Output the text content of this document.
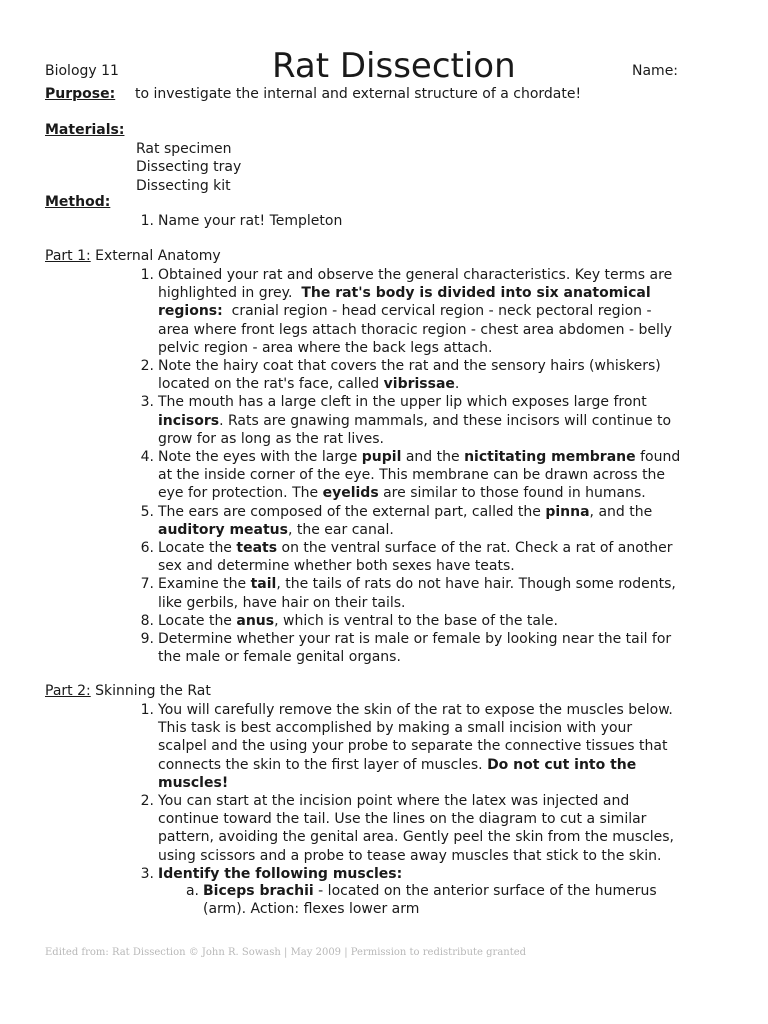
Biology 11	Rat Dissection	Name:
Purpose: to investigate the internal and external structure of a chordate!
Materials:
Rat specimen
Dissecting tray
Dissecting kit
Method:
1. Name your rat! Templeton
Part 1: External Anatomy
1. Obtained your rat and observe the general characteristics. Key terms are
highlighted in grey.  The rat's body is divided into six anatomical
regions:  cranial region - head cervical region - neck pectoral region -
area where front legs attach thoracic region - chest area abdomen - belly
pelvic region - area where the back legs attach.
2. Note the hairy coat that covers the rat and the sensory hairs (whiskers)
located on the rat's face, called vibrissae.
3. The mouth has a large cleft in the upper lip which exposes large front
incisors. Rats are gnawing mammals, and these incisors will continue to
grow for as long as the rat lives.
4. Note the eyes with the large pupil and the nictitating membrane found
at the inside corner of the eye. This membrane can be drawn across the
eye for protection. The eyelids are similar to those found in humans.
5. The ears are composed of the external part, called the pinna, and the
auditory meatus, the ear canal.
6. Locate the teats on the ventral surface of the rat. Check a rat of another
sex and determine whether both sexes have teats.
7. Examine the tail, the tails of rats do not have hair. Though some rodents,
like gerbils, have hair on their tails.
8. Locate the anus, which is ventral to the base of the tale.
9. Determine whether your rat is male or female by looking near the tail for
the male or female genital organs.
Part 2: Skinning the Rat
1. You will carefully remove the skin of the rat to expose the muscles below.
This task is best accomplished by making a small incision with your
scalpel and the using your probe to separate the connective tissues that
connects the skin to the first layer of muscles. Do not cut into the
muscles!
2. You can start at the incision point where the latex was injected and
continue toward the tail. Use the lines on the diagram to cut a similar
pattern, avoiding the genital area. Gently peel the skin from the muscles,
using scissors and a probe to tease away muscles that stick to the skin.
3. Identify the following muscles:
a. Biceps brachii - located on the anterior surface of the humerus
(arm). Action: flexes lower arm
Edited from: Rat Dissection © John R. Sowash | May 2009 | Permission to redistribute granted
